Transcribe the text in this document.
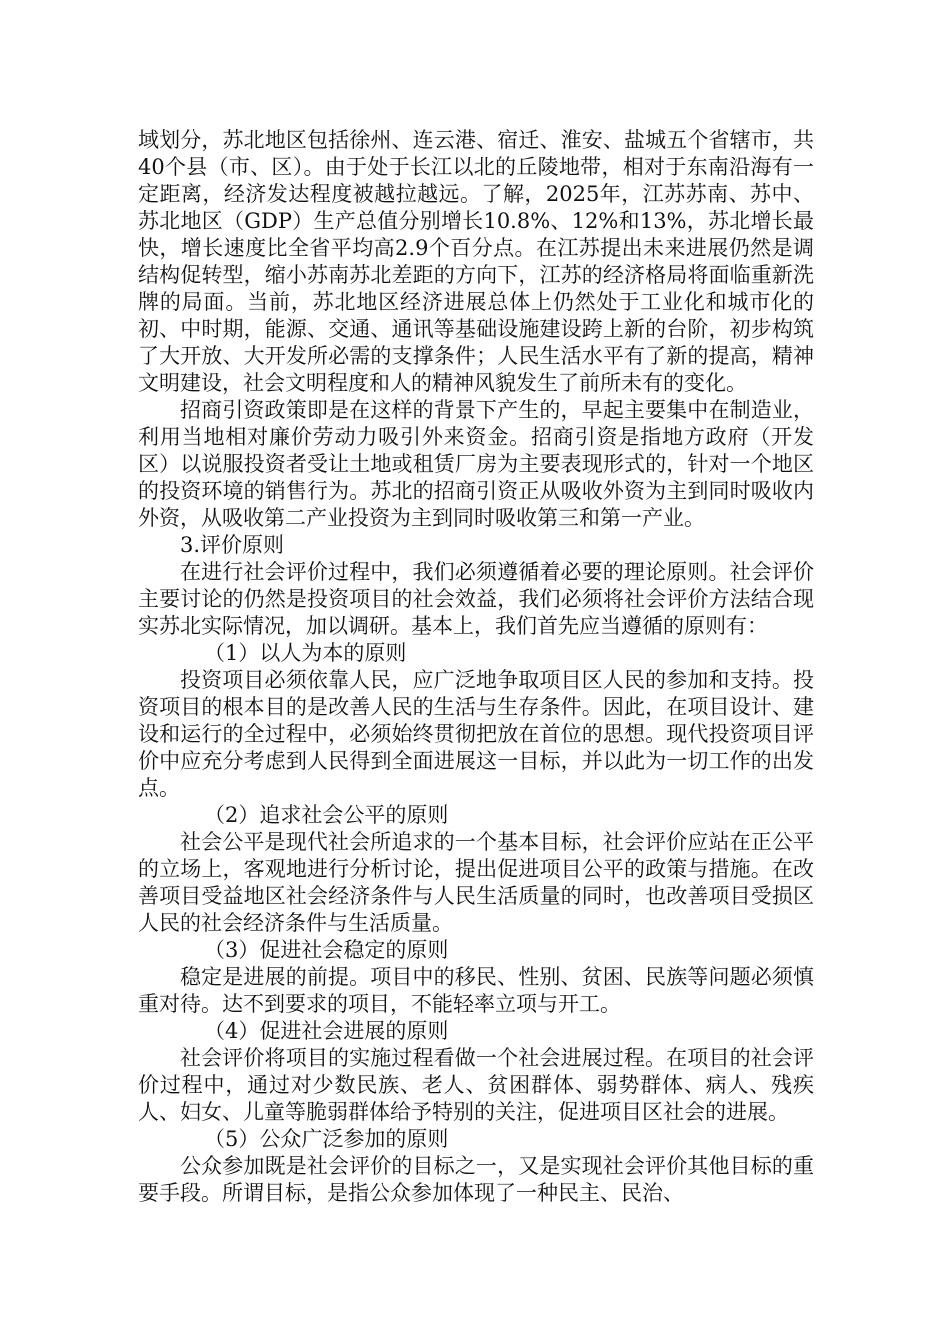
域划分，苏北地区包括徐州、连云港、宿迁、淮安、盐城五个省辖市，共40个县（市、区）。由于处于长江以北的丘陵地带，相对于东南沿海有一定距离，经济发达程度被越拉越远。了解，2025年，江苏苏南、苏中、苏北地区（GDP）生产总值分别增长10.8%、12%和13%，苏北增长最快，增长速度比全省平均高2.9个百分点。在江苏提出未来进展仍然是调结构促转型，缩小苏南苏北差距的方向下，江苏的经济格局将面临重新洗牌的局面。当前，苏北地区经济进展总体上仍然处于工业化和城市化的初、中时期，能源、交通、通讯等基础设施建设跨上新的台阶，初步构筑了大开放、大开发所必需的支撑条件；人民生活水平有了新的提高，精神文明建设，社会文明程度和人的精神风貌发生了前所未有的变化。

招商引资政策即是在这样的背景下产生的，早起主要集中在制造业，利用当地相对廉价劳动力吸引外来资金。招商引资是指地方政府（开发区）以说服投资者受让土地或租赁厂房为主要表现形式的，针对一个地区的投资环境的销售行为。苏北的招商引资正从吸收外资为主到同时吸收内外资，从吸收第二产业投资为主到同时吸收第三和第一产业。

3.评价原则

在进行社会评价过程中，我们必须遵循着必要的理论原则。社会评价主要讨论的仍然是投资项目的社会效益，我们必须将社会评价方法结合现实苏北实际情况，加以调研。基本上，我们首先应当遵循的原则有：

（1）以人为本的原则

投资项目必须依靠人民，应广泛地争取项目区人民的参加和支持。投资项目的根本目的是改善人民的生活与生存条件。因此，在项目设计、建设和运行的全过程中，必须始终贯彻把放在首位的思想。现代投资项目评价中应充分考虑到人民得到全面进展这一目标，并以此为一切工作的出发点。

（2）追求社会公平的原则

社会公平是现代社会所追求的一个基本目标，社会评价应站在正公平的立场上，客观地进行分析讨论，提出促进项目公平的政策与措施。在改善项目受益地区社会经济条件与人民生活质量的同时，也改善项目受损区人民的社会经济条件与生活质量。

（3）促进社会稳定的原则

稳定是进展的前提。项目中的移民、性别、贫困、民族等问题必须慎重对待。达不到要求的项目，不能轻率立项与开工。

（4）促进社会进展的原则

社会评价将项目的实施过程看做一个社会进展过程。在项目的社会评价过程中，通过对少数民族、老人、贫困群体、弱势群体、病人、残疾人、妇女、儿童等脆弱群体给予特别的关注，促进项目区社会的进展。

（5）公众广泛参加的原则

公众参加既是社会评价的目标之一，又是实现社会评价其他目标的重要手段。所谓目标，是指公众参加体现了一种民主、民治、
